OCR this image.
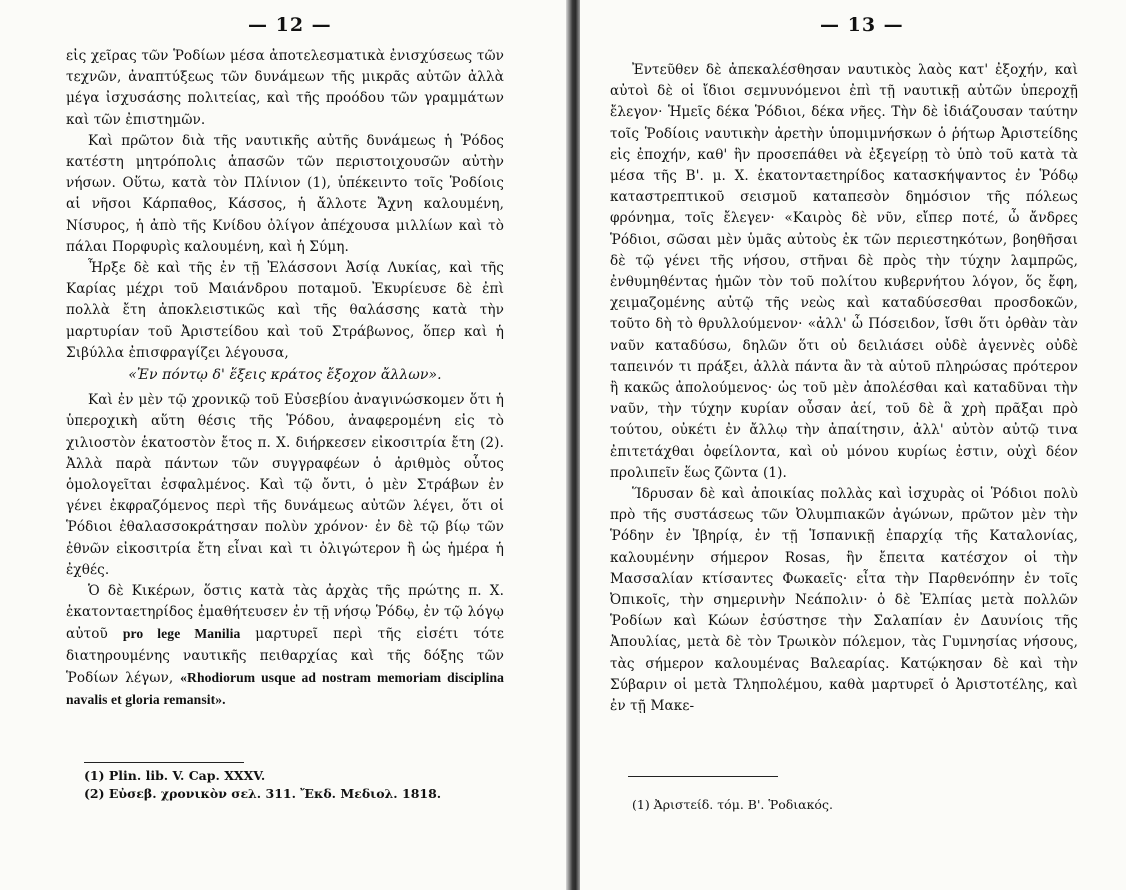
— 12 —

εἰς χεῖρας τῶν Ῥοδίων μέσα ἀποτελεσματικὰ ἐνισχύσεως τῶν τεχνῶν, ἀναπτύξεως τῶν δυνάμεων τῆς μικρᾶς αὐτῶν ἀλλὰ μέγα ἰσχυσάσης πολιτείας, καὶ τῆς προόδου τῶν γραμμάτων καὶ τῶν ἐπιστημῶν.

Καὶ πρῶτον διὰ τῆς ναυτικῆς αὐτῆς δυνάμεως ἡ Ῥόδος κατέστη μητρόπολις ἁπασῶν τῶν περιστοιχουσῶν αὐτὴν νήσων. Οὕτω, κατὰ τὸν Πλίνιον (1), ὑπέκειντο τοῖς Ῥοδίοις αἱ νῆσοι Κάρπαθος, Κάσσος, ἡ ἄλλοτε Ἄχνη καλουμένη, Νίσυρος, ἡ ἀπὸ τῆς Κνίδου ὀλίγον ἀπέχουσα μιλλίων καὶ τὸ πάλαι Πορφυρὶς καλουμένη, καὶ ἡ Σύμη.

Ἦρξε δὲ καὶ τῆς ἐν τῇ Ἐλάσσονι Ἀσίᾳ Λυκίας, καὶ τῆς Καρίας μέχρι τοῦ Μαιάνδρου ποταμοῦ. Ἐκυρίευσε δὲ ἐπὶ πολλὰ ἔτη ἀποκλειστικῶς καὶ τῆς θαλάσσης κατὰ τὴν μαρτυρίαν τοῦ Ἀριστείδου καὶ τοῦ Στράβωνος, ὅπερ καὶ ἡ Σιβύλλα ἐπισφραγίζει λέγουσα,

«Ἐν πόντῳ δ' ἕξεις κράτος ἔξοχον ἄλλων».

Καὶ ἐν μὲν τῷ χρονικῷ τοῦ Εὐσεβίου ἀναγινώσκομεν ὅτι ἡ ὑπεροχικὴ αὕτη θέσις τῆς Ῥόδου, ἀναφερομένη εἰς τὸ χιλιοστὸν ἑκατοστὸν ἔτος π. Χ. διήρκεσεν εἰκοσιτρία ἔτη (2). Ἀλλὰ παρὰ πάντων τῶν συγγραφέων ὁ ἀριθμὸς οὗτος ὁμολογεῖται ἐσφαλμένος. Καὶ τῷ ὄντι, ὁ μὲν Στράβων ἐν γένει ἐκφραζόμενος περὶ τῆς δυνάμεως αὐτῶν λέγει, ὅτι οἱ Ῥόδιοι ἐθαλασσοκράτησαν πολὺν χρόνον· ἐν δὲ τῷ βίῳ τῶν ἐθνῶν εἰκοσιτρία ἔτη εἶναι καὶ τι ὀλιγώτερον ἢ ὡς ἡμέρα ἡ ἐχθές.

Ὁ δὲ Κικέρων, ὅστις κατὰ τὰς ἀρχὰς τῆς πρώτης π. Χ. ἑκατονταετηρίδος ἐμαθήτευσεν ἐν τῇ νήσῳ Ῥόδῳ, ἐν τῷ λόγῳ αὐτοῦ pro lege Manilia μαρτυρεῖ περὶ τῆς εἰσέτι τότε διατηρουμένης ναυτικῆς πειθαρχίας καὶ τῆς δόξης τῶν Ῥοδίων λέγων, «Rhodiorum usque ad nostram memoriam disciplina navalis et gloria remansit».

(1) Plin. lib. V. Cap. XXXV.
(2) Εὐσεβ. χρονικὸν σελ. 311. Ἔκδ. Μεδιολ. 1818.
— 13 —

Ἐντεῦθεν δὲ ἀπεκαλέσθησαν ναυτικὸς λαὸς κατ' ἐξοχήν, καὶ αὐτοὶ δὲ οἱ ἴδιοι σεμνυνόμενοι ἐπὶ τῇ ναυτικῇ αὐτῶν ὑπεροχῇ ἔλεγον· Ἡμεῖς δέκα Ῥόδιοι, δέκα νῆες. Τὴν δὲ ἰδιάζουσαν ταύτην τοῖς Ῥοδίοις ναυτικὴν ἀρετὴν ὑπομιμνήσκων ὁ ῥήτωρ Ἀριστείδης εἰς ἐποχήν, καθ' ἣν προσεπάθει νὰ ἐξεγείρῃ τὸ ὑπὸ τοῦ κατὰ τὰ μέσα τῆς Β'. μ. Χ. ἑκατονταετηρίδος κατασκήψαντος ἐν Ῥόδῳ καταστρεπτικοῦ σεισμοῦ καταπεσὸν δημόσιον τῆς πόλεως φρόνημα, τοῖς ἔλεγεν· «Καιρὸς δὲ νῦν, εἴπερ ποτέ, ὦ ἄνδρες Ῥόδιοι, σῶσαι μὲν ὑμᾶς αὐτοὺς ἐκ τῶν περιεστηκότων, βοηθῆσαι δὲ τῷ γένει τῆς νήσου, στῆναι δὲ πρὸς τὴν τύχην λαμπρῶς, ἐνθυμηθέντας ἡμῶν τὸν τοῦ πολίτου κυβερνήτου λόγον, ὅς ἔφη, χειμαζομένης αὐτῷ τῆς νεὼς καὶ καταδύσεσθαι προσδοκῶν, τοῦτο δὴ τὸ θρυλλούμενον· «ἀλλ' ὦ Πόσειδον, ἴσθι ὅτι ὀρθὰν τὰν ναῦν καταδύσω, δηλῶν ὅτι οὐ δειλιάσει οὐδὲ ἀγεννὲς οὐδὲ ταπεινόν τι πράξει, ἀλλὰ πάντα ἂν τὰ αὑτοῦ πληρώσας πρότερον ἢ κακῶς ἀπολούμενος· ὡς τοῦ μὲν ἀπολέσθαι καὶ καταδῦναι τὴν ναῦν, τὴν τύχην κυρίαν οὖσαν ἀεί, τοῦ δὲ ἃ χρὴ πρᾶξαι πρὸ τούτου, οὐκέτι ἐν ἄλλῳ τὴν ἀπαίτησιν, ἀλλ' αὐτὸν αὐτῷ τινα ἐπιτετάχθαι ὀφείλοντα, καὶ οὐ μόνου κυρίως ἐστιν, οὐχὶ δέον προλιπεῖν ἕως ζῶντα (1).

Ἵδρυσαν δὲ καὶ ἀποικίας πολλὰς καὶ ἰσχυρὰς οἱ Ῥόδιοι πολὺ πρὸ τῆς συστάσεως τῶν Ὀλυμπιακῶν ἀγώνων, πρῶτον μὲν τὴν Ῥόδην ἐν Ἰβηρίᾳ, ἐν τῇ Ἱσπανικῇ ἐπαρχίᾳ τῆς Καταλονίας, καλουμένην σήμερον Rosas, ἣν ἔπειτα κατέσχον οἱ τὴν Μασσαλίαν κτίσαντες Φωκαεῖς· εἶτα τὴν Παρθενόπην ἐν τοῖς Ὀπικοῖς, τὴν σημερινὴν Νεάπολιν· ὁ δὲ Ἐλπίας μετὰ πολλῶν Ῥοδίων καὶ Κώων ἐσύστησε τὴν Σαλαπίαν ἐν Δαυνίοις τῆς Ἀπουλίας, μετὰ δὲ τὸν Τρωικὸν πόλεμον, τὰς Γυμνησίας νήσους, τὰς σήμερον καλουμένας Βαλεαρίας. Κατῴκησαν δὲ καὶ τὴν Σύβαριν οἱ μετὰ Τληπολέμου, καθὰ μαρτυρεῖ ὁ Ἀριστοτέλης, καὶ ἐν τῇ Μακε-

(1) Ἀριστείδ. τόμ. Β'. Ῥοδιακός.
